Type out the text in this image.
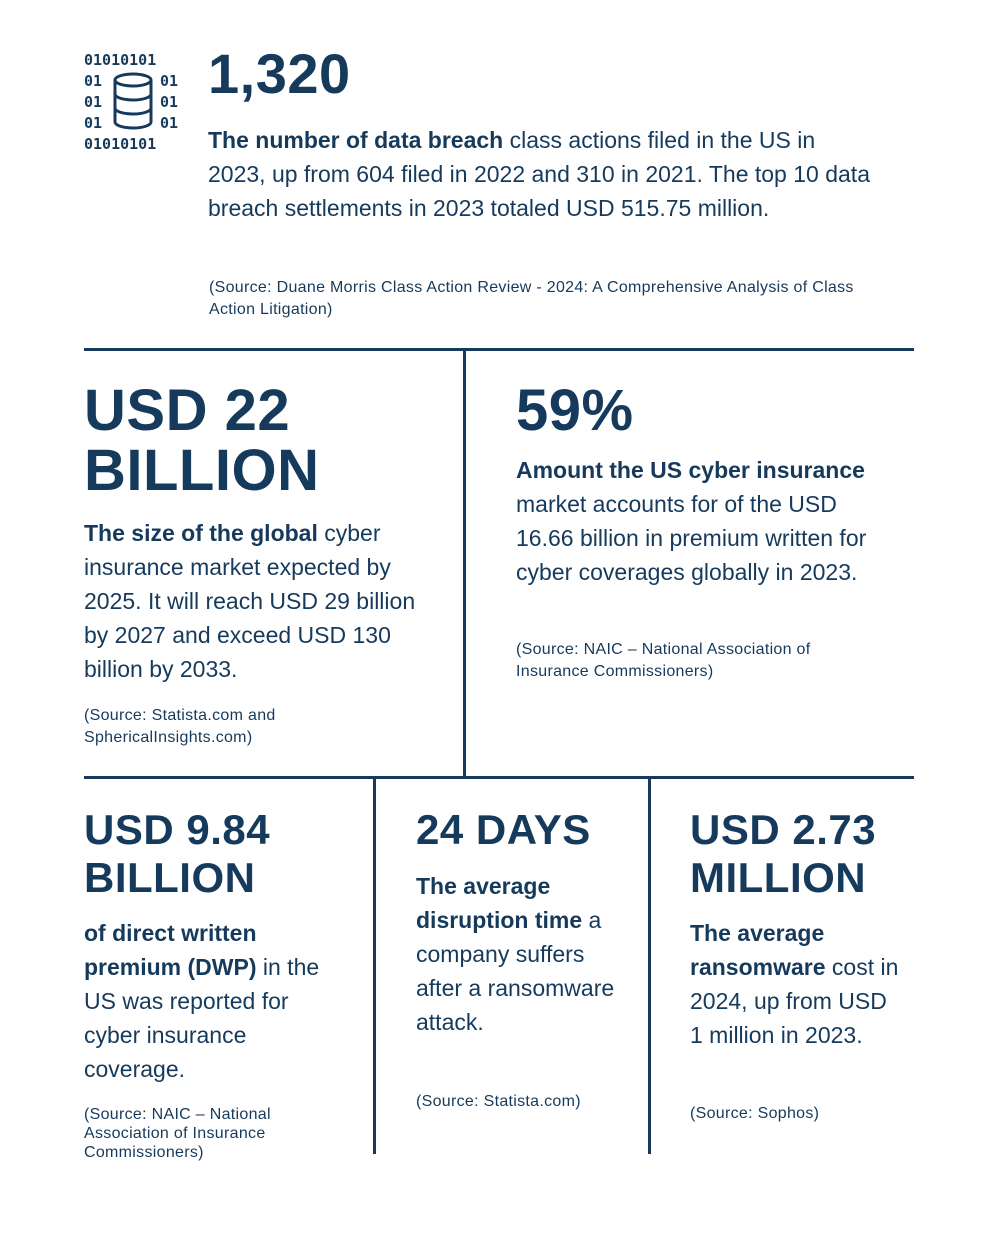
01010101
01	01
01	01
01	01
01010101
1,320
The number of data breach class actions filed in the US in 2023, up from 604 filed in 2022 and 310 in 2021. The top 10 data breach settlements in 2023 totaled USD 515.75 million.
(Source: Duane Morris Class Action Review - 2024: A Comprehensive Analysis of Class Action Litigation)
USD 22
BILLION
The size of the global cyber insurance market expected by 2025. It will reach USD 29 billion by 2027 and exceed USD 130 billion by 2033.
(Source: Statista.com and SphericalInsights.com)
59%
Amount the US cyber insurance market accounts for of the USD 16.66 billion in premium written for cyber coverages globally in 2023.
(Source: NAIC – National Association of Insurance Commissioners)
USD 9.84
BILLION
of direct written premium (DWP) in the US was reported for cyber insurance coverage.
(Source: NAIC – National Association of Insurance Commissioners)
24 DAYS
The average disruption time a company suffers after a ransomware attack.
(Source: Statista.com)
USD 2.73
MILLION
The average ransomware cost in 2024, up from USD 1 million in 2023.
(Source: Sophos)
